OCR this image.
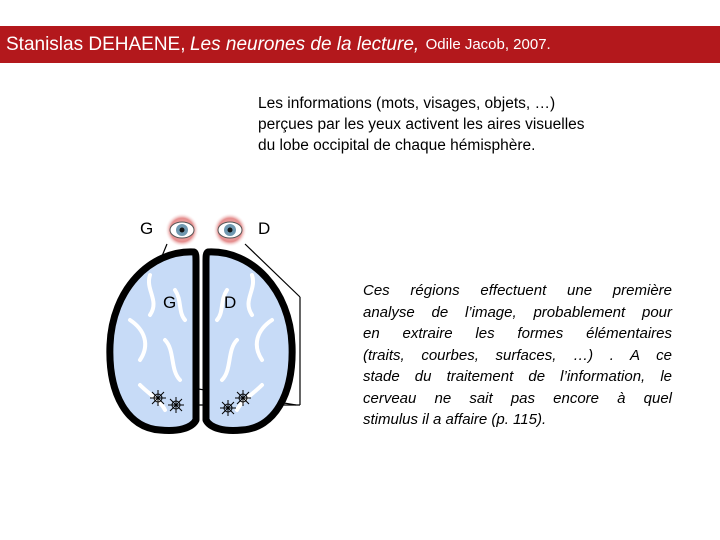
Stanislas DEHAENE,
Les neurones de la lecture,
Odile Jacob, 2007.
Les informations (mots, visages, objets, …)
perçues par les yeux activent les aires visuelles
du lobe occipital de chaque hémisphère.
G	D
G	D
Ces régions effectuent une première
analyse de l’image, probablement pour
en extraire les formes élémentaires
(traits, courbes, surfaces, …) . A ce
stade du traitement de l’information, le
cerveau ne sait pas encore à quel
stimulus il a affaire (p. 115).
